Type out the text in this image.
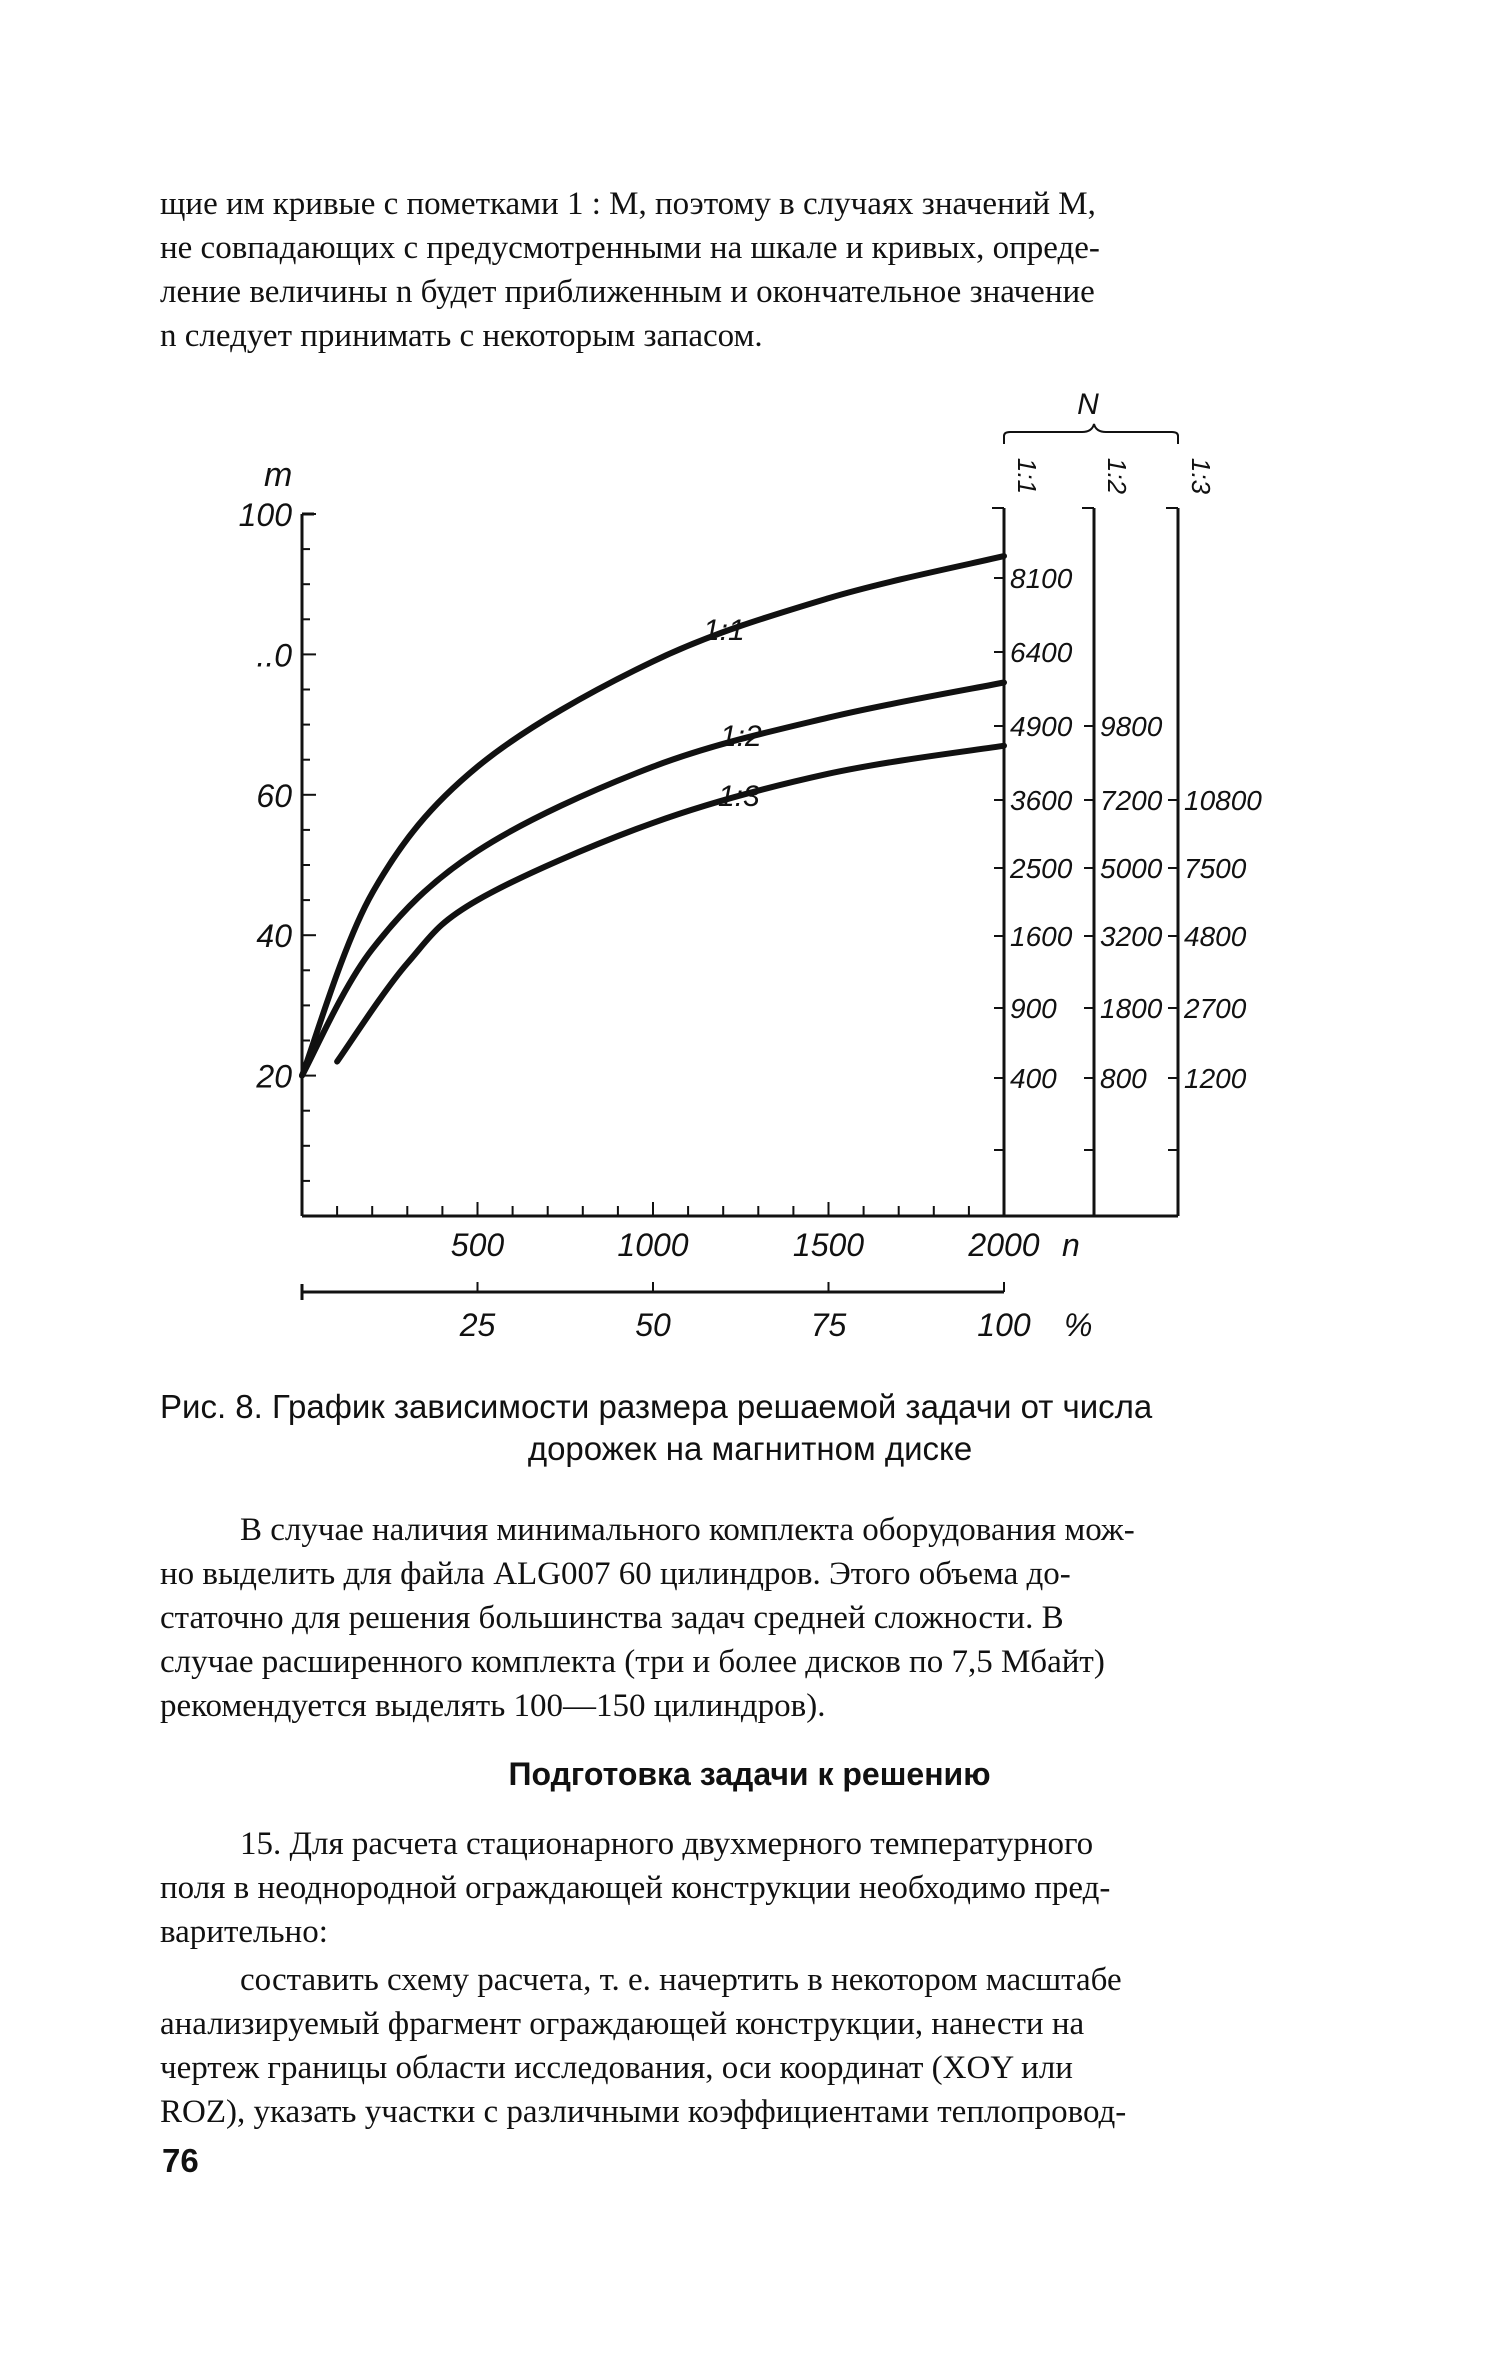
щие им кривые с пометками 1 : М, поэтому в случаях значений М,
не совпадающих с предусмотренными на шкале и кривых, опреде-
ление величины n будет приближенным и окончательное значение
n следует принимать с некоторым запасом.

100
..0
60
40
20
m
500	1000	1500	2000 n
25	50	75	100 %
1:1
1:2
1:3
N
1:1 1:2 1:3
8100
6400
4900
3600
2500
1600
900
400
9800
7200
5000
3200
1800
800
10800
7500
4800
2700
1200
Рис. 8. График зависимости размера решаемой задачи от числа
дорожек на магнитном диске

В случае наличия минимального комплекта оборудования мож-
но выделить для файла ALG007 60 цилиндров. Этого объема до-
статочно для решения большинства задач средней сложности. В
случае расширенного комплекта (три и более дисков по 7,5 Мбайт)
рекомендуется выделять 100—150 цилиндров).

Подготовка задачи к решению

15. Для расчета стационарного двухмерного температурного
поля в неоднородной ограждающей конструкции необходимо пред-
варительно:

составить схему расчета, т. е. начертить в некотором масштабе
анализируемый фрагмент ограждающей конструкции, нанести на
чертеж границы области исследования, оси координат (XOY или
ROZ), указать участки с различными коэффициентами теплопровод-

76
